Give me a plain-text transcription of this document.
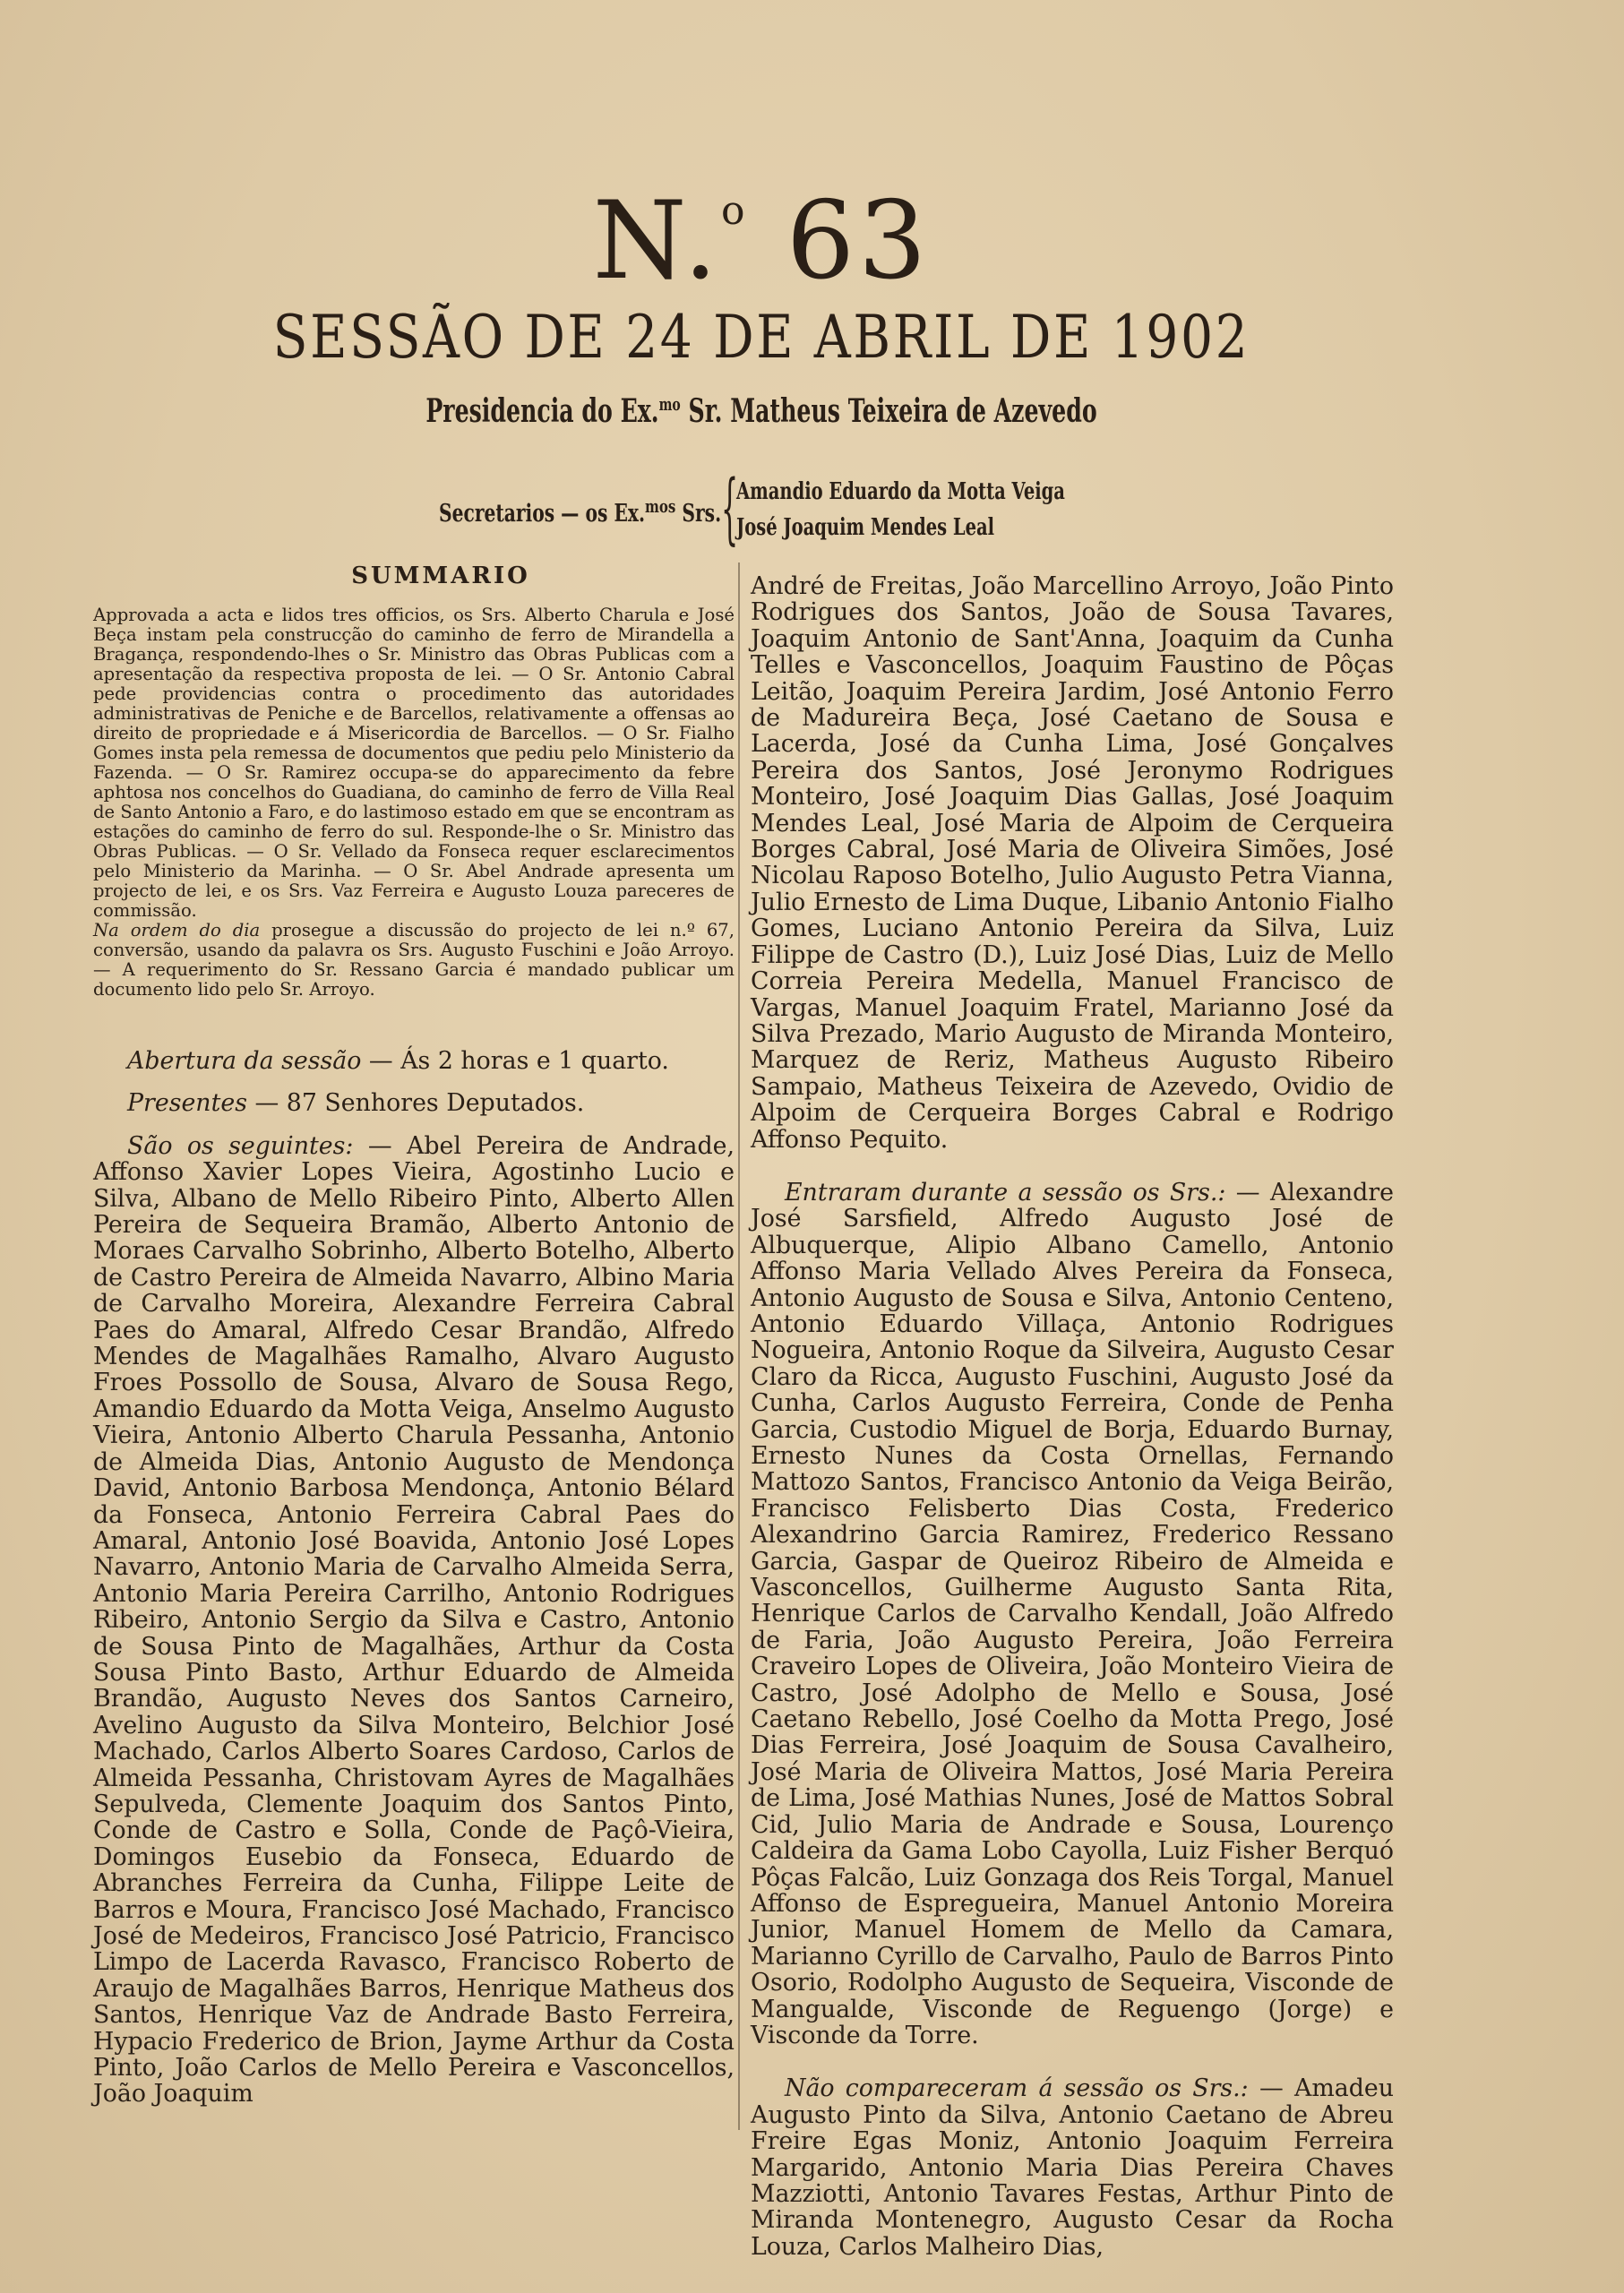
N.$^o$ 63
SESSÃO DE 24 DE ABRIL DE 1902
Presidencia do Ex.$^{mo}$ Sr. Matheus Teixeira de Azevedo
Secretarios — os Ex.$^{mos}$ Srs. {
Amandio Eduardo da Motta Veiga
José Joaquim Mendes Leal
SUMMARIO

Approvada a acta e lidos tres officios, os Srs. Alberto Charula e José Beça instam pela construcção do caminho de ferro de Mirandella a Bragança, respondendo-lhes o Sr. Ministro das Obras Publicas com a apresentação da respectiva proposta de lei. — O Sr. Antonio Cabral pede providencias contra o procedimento das autoridades administrativas de Peniche e de Barcellos, relativamente a offensas ao direito de propriedade e á Misericordia de Barcellos. — O Sr. Fialho Gomes insta pela remessa de documentos que pediu pelo Ministerio da Fazenda. — O Sr. Ramirez occupa-se do apparecimento da febre aphtosa nos concelhos do Guadiana, do caminho de ferro de Villa Real de Santo Antonio a Faro, e do lastimoso estado em que se encontram as estações do caminho de ferro do sul. Responde-lhe o Sr. Ministro das Obras Publicas. — O Sr. Vellado da Fonseca requer esclarecimentos pelo Ministerio da Marinha. — O Sr. Abel Andrade apresenta um projecto de lei, e os Srs. Vaz Ferreira e Augusto Louza pareceres de commissão.

Na ordem do dia prosegue a discussão do projecto de lei n.º 67, conversão, usando da palavra os Srs. Augusto Fuschini e João Arroyo. — A requerimento do Sr. Ressano Garcia é mandado publicar um documento lido pelo Sr. Arroyo.

Abertura da sessão — Ás 2 horas e 1 quarto.

Presentes — 87 Senhores Deputados.

São os seguintes: — Abel Pereira de Andrade, Affonso Xavier Lopes Vieira, Agostinho Lucio e Silva, Albano de Mello Ribeiro Pinto, Alberto Allen Pereira de Sequeira Bramão, Alberto Antonio de Moraes Carvalho Sobrinho, Alberto Botelho, Alberto de Castro Pereira de Almeida Navarro, Albino Maria de Carvalho Moreira, Alexandre Ferreira Cabral Paes do Amaral, Alfredo Cesar Brandão, Alfredo Mendes de Magalhães Ramalho, Alvaro Augusto Froes Possollo de Sousa, Alvaro de Sousa Rego, Amandio Eduardo da Motta Veiga, Anselmo Augusto Vieira, Antonio Alberto Charula Pessanha, Antonio de Almeida Dias, Antonio Augusto de Mendonça David, Antonio Barbosa Mendonça, Antonio Bélard da Fonseca, Antonio Ferreira Cabral Paes do Amaral, Antonio José Boavida, Antonio José Lopes Navarro, Antonio Maria de Carvalho Almeida Serra, Antonio Maria Pereira Carrilho, Antonio Rodrigues Ribeiro, Antonio Sergio da Silva e Castro, Antonio de Sousa Pinto de Magalhães, Arthur da Costa Sousa Pinto Basto, Arthur Eduardo de Almeida Brandão, Augusto Neves dos Santos Carneiro, Avelino Augusto da Silva Monteiro, Belchior José Machado, Carlos Alberto Soares Cardoso, Carlos de Almeida Pessanha, Christovam Ayres de Magalhães Sepulveda, Clemente Joaquim dos Santos Pinto, Conde de Castro e Solla, Conde de Paçô-Vieira, Domingos Eusebio da Fonseca, Eduardo de Abranches Ferreira da Cunha, Filippe Leite de Barros e Moura, Francisco José Machado, Francisco José de Medeiros, Francisco José Patricio, Francisco Limpo de Lacerda Ravasco, Francisco Roberto de Araujo de Magalhães Barros, Henrique Matheus dos Santos, Henrique Vaz de Andrade Basto Ferreira, Hypacio Frederico de Brion, Jayme Arthur da Costa Pinto, João Carlos de Mello Pereira e Vasconcellos, João Joaquim

André de Freitas, João Marcellino Arroyo, João Pinto Rodrigues dos Santos, João de Sousa Tavares, Joaquim Antonio de Sant'Anna, Joaquim da Cunha Telles e Vasconcellos, Joaquim Faustino de Pôças Leitão, Joaquim Pereira Jardim, José Antonio Ferro de Madureira Beça, José Caetano de Sousa e Lacerda, José da Cunha Lima, José Gonçalves Pereira dos Santos, José Jeronymo Rodrigues Monteiro, José Joaquim Dias Gallas, José Joaquim Mendes Leal, José Maria de Alpoim de Cerqueira Borges Cabral, José Maria de Oliveira Simões, José Nicolau Raposo Botelho, Julio Augusto Petra Vianna, Julio Ernesto de Lima Duque, Libanio Antonio Fialho Gomes, Luciano Antonio Pereira da Silva, Luiz Filippe de Castro (D.), Luiz José Dias, Luiz de Mello Correia Pereira Medella, Manuel Francisco de Vargas, Manuel Joaquim Fratel, Marianno José da Silva Prezado, Mario Augusto de Miranda Monteiro, Marquez de Reriz, Matheus Augusto Ribeiro Sampaio, Matheus Teixeira de Azevedo, Ovidio de Alpoim de Cerqueira Borges Cabral e Rodrigo Affonso Pequito.

Entraram durante a sessão os Srs.: — Alexandre José Sarsfield, Alfredo Augusto José de Albuquerque, Alipio Albano Camello, Antonio Affonso Maria Vellado Alves Pereira da Fonseca, Antonio Augusto de Sousa e Silva, Antonio Centeno, Antonio Eduardo Villaça, Antonio Rodrigues Nogueira, Antonio Roque da Silveira, Augusto Cesar Claro da Ricca, Augusto Fuschini, Augusto José da Cunha, Carlos Augusto Ferreira, Conde de Penha Garcia, Custodio Miguel de Borja, Eduardo Burnay, Ernesto Nunes da Costa Ornellas, Fernando Mattozo Santos, Francisco Antonio da Veiga Beirão, Francisco Felisberto Dias Costa, Frederico Alexandrino Garcia Ramirez, Frederico Ressano Garcia, Gaspar de Queiroz Ribeiro de Almeida e Vasconcellos, Guilherme Augusto Santa Rita, Henrique Carlos de Carvalho Kendall, João Alfredo de Faria, João Augusto Pereira, João Ferreira Craveiro Lopes de Oliveira, João Monteiro Vieira de Castro, José Adolpho de Mello e Sousa, José Caetano Rebello, José Coelho da Motta Prego, José Dias Ferreira, José Joaquim de Sousa Cavalheiro, José Maria de Oliveira Mattos, José Maria Pereira de Lima, José Mathias Nunes, José de Mattos Sobral Cid, Julio Maria de Andrade e Sousa, Lourenço Caldeira da Gama Lobo Cayolla, Luiz Fisher Berquó Pôças Falcão, Luiz Gonzaga dos Reis Torgal, Manuel Affonso de Espregueira, Manuel Antonio Moreira Junior, Manuel Homem de Mello da Camara, Marianno Cyrillo de Carvalho, Paulo de Barros Pinto Osorio, Rodolpho Augusto de Sequeira, Visconde de Mangualde, Visconde de Reguengo (Jorge) e Visconde da Torre.

Não compareceram á sessão os Srs.: — Amadeu Augusto Pinto da Silva, Antonio Caetano de Abreu Freire Egas Moniz, Antonio Joaquim Ferreira Margarido, Antonio Maria Dias Pereira Chaves Mazziotti, Antonio Tavares Festas, Arthur Pinto de Miranda Montenegro, Augusto Cesar da Rocha Louza, Carlos Malheiro Dias,
